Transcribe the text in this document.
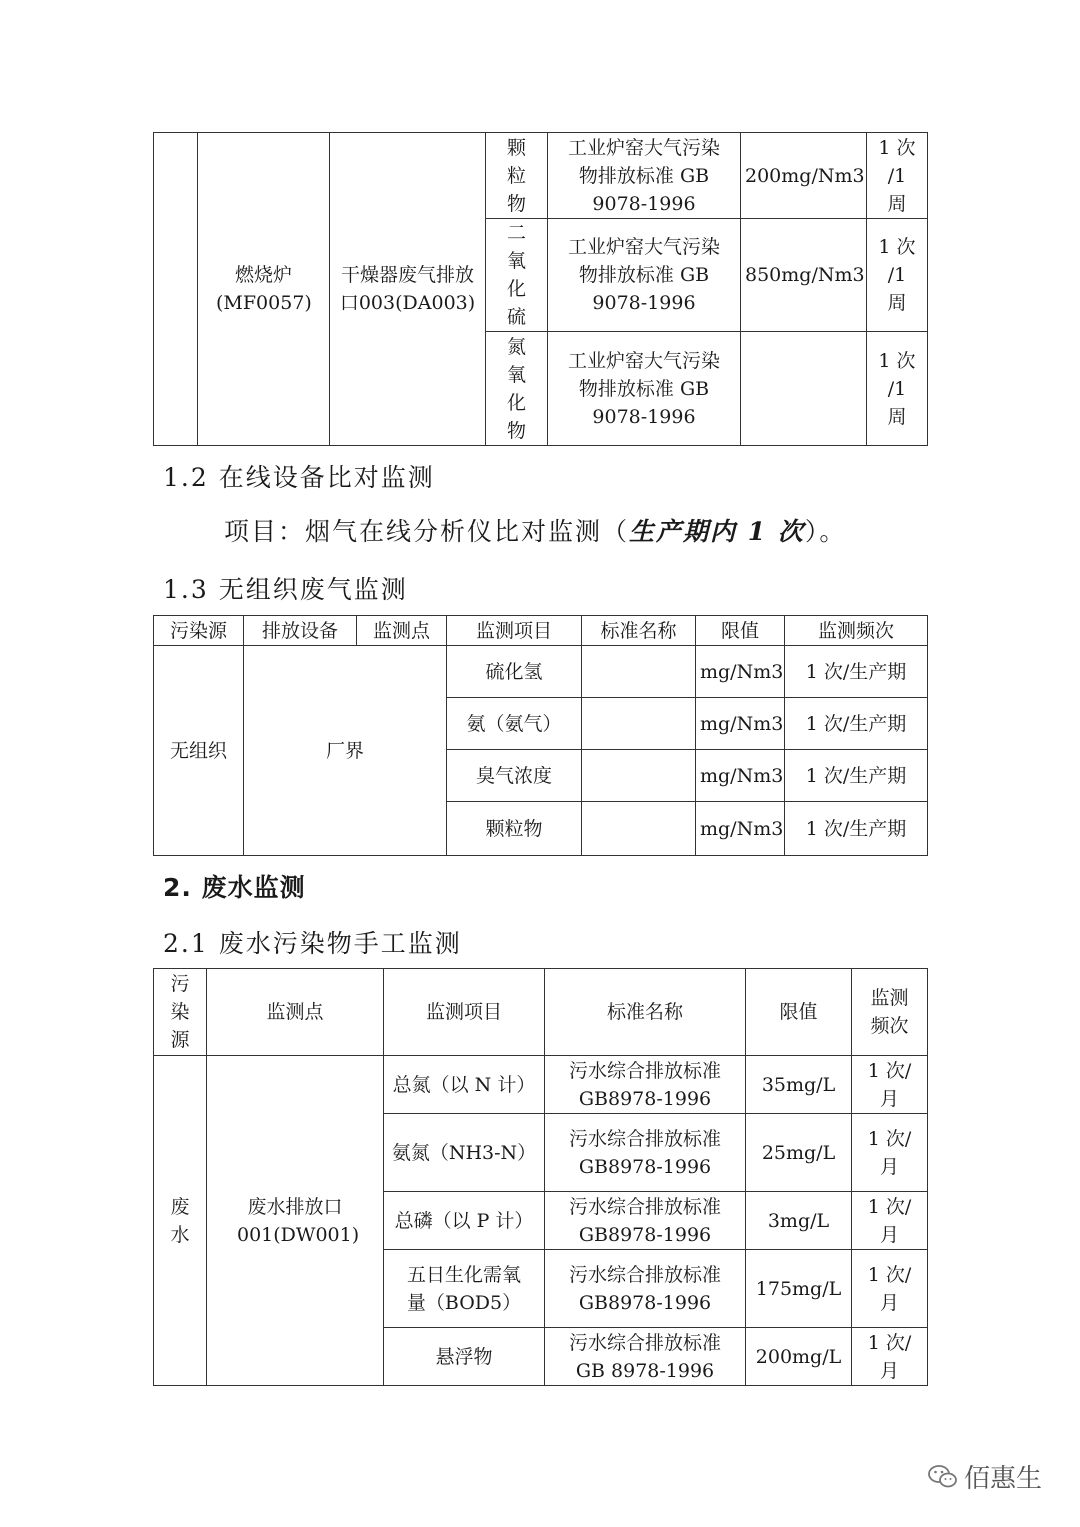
	燃烧炉(MF0057)	干燥器废气排放口003(DA003)	颗
粒
物	工业炉窑大气污染物排放标准 GB 9078-1996	200mg/Nm3	1 次
/1
周

			二
氧
化
硫	工业炉窑大气污染物排放标准 GB 9078-1996	850mg/Nm3	1 次
/1
周

			氮
氧
化
物	工业炉窑大气污染物排放标准 GB 9078-1996		1 次
/1
周
1.2 在线设备比对监测
项目：烟气在线分析仪比对监测（生产期内 1 次）。
1.3 无组织废气监测
污染源	排放设备	监测点	监测项目	标准名称	限值	监测频次
无组织	厂界		硫化氢		mg/Nm3	1 次/生产期
			氨（氨气）		mg/Nm3	1 次/生产期
			臭气浓度		mg/Nm3	1 次/生产期
			颗粒物		mg/Nm3	1 次/生产期
2. 废水监测
2.1 废水污染物手工监测
污
染
源	监测点	监测项目	标准名称	限值	监测
频次

废
水	废水排放口001(DW001)	总氮（以 N 计）	污水综合排放标准
GB8978-1996	35mg/L	1 次/
月

		氨氮（NH3-N）	污水综合排放标准
GB8978-1996	25mg/L	1 次/
月

		总磷（以 P 计）	污水综合排放标准
GB8978-1996	3mg/L	1 次/
月

		五日生化需氧量（BOD5）	污水综合排放标准
GB8978-1996	175mg/L	1 次/
月

		悬浮物	污水综合排放标准
GB 8978-1996	200mg/L	1 次/
月
佰惠生
